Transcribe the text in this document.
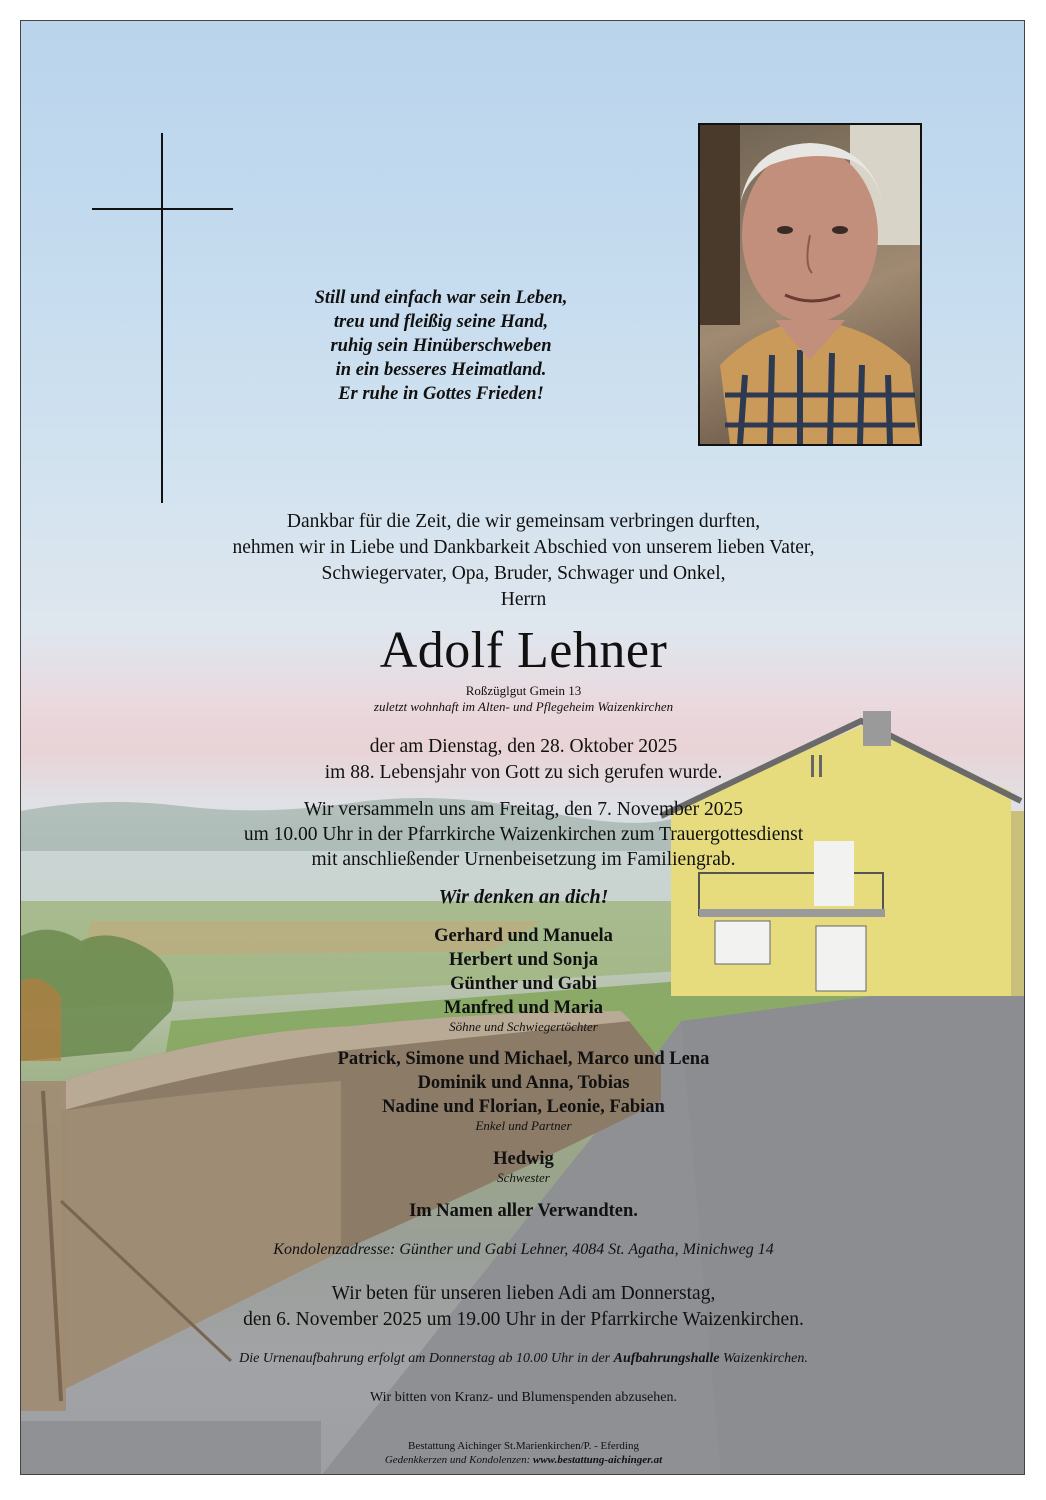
Still und einfach war sein Leben,
treu und fleißig seine Hand,
ruhig sein Hinüberschweben
in ein besseres Heimatland.
Er ruhe in Gottes Frieden!
Dankbar für die Zeit, die wir gemeinsam verbringen durften,
nehmen wir in Liebe und Dankbarkeit Abschied von unserem lieben Vater,
Schwiegervater, Opa, Bruder, Schwager und Onkel,
Herrn
Adolf Lehner
Roßzüglgut Gmein 13
zuletzt wohnhaft im Alten- und Pflegeheim Waizenkirchen
der am Dienstag, den 28. Oktober 2025
im 88. Lebensjahr von Gott zu sich gerufen wurde.
Wir versammeln uns am Freitag, den 7. November 2025
um 10.00 Uhr in der Pfarrkirche Waizenkirchen zum Trauergottesdienst
mit anschließender Urnenbeisetzung im Familiengrab.
Wir denken an dich!
Gerhard und Manuela
Herbert und Sonja
Günther und Gabi
Manfred und Maria
Söhne und Schwiegertöchter
Patrick, Simone und Michael, Marco und Lena
Dominik und Anna, Tobias
Nadine und Florian, Leonie, Fabian
Enkel und Partner
Hedwig
Schwester
Im Namen aller Verwandten.
Kondolenzadresse: Günther und Gabi Lehner, 4084 St. Agatha, Minichweg 14
Wir beten für unseren lieben Adi am Donnerstag,
den 6. November 2025 um 19.00 Uhr in der Pfarrkirche Waizenkirchen.
Die Urnenaufbahrung erfolgt am Donnerstag ab 10.00 Uhr in der Aufbahrungshalle Waizenkirchen.
Wir bitten von Kranz- und Blumenspenden abzusehen.
Bestattung Aichinger St.Marienkirchen/P. - Eferding
Gedenkkerzen und Kondolenzen: www.bestattung-aichinger.at
